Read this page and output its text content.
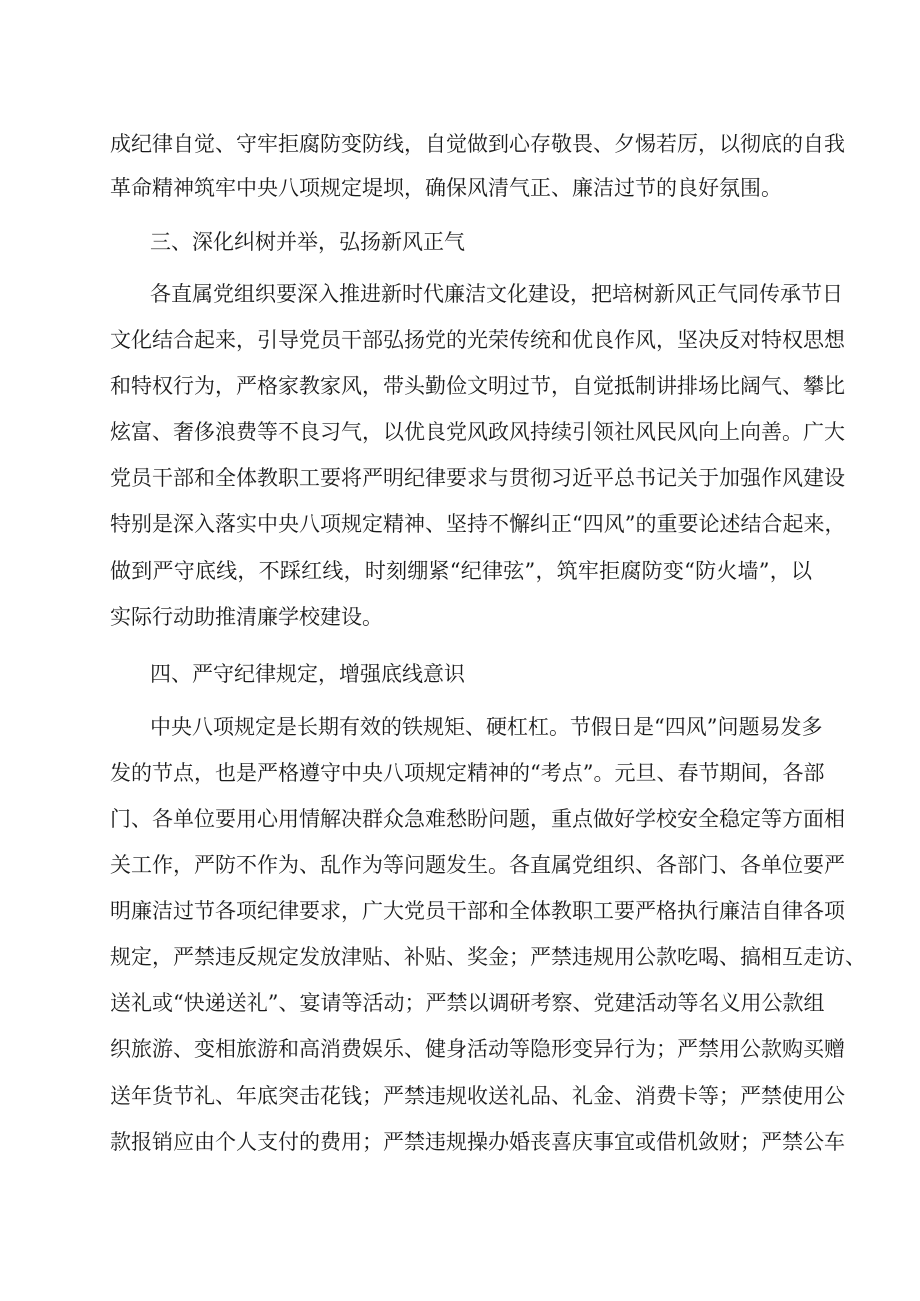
成纪律自觉、守牢拒腐防变防线，自觉做到心存敬畏、夕惕若厉，以彻底的自我
革命精神筑牢中央八项规定堤坝，确保风清气正、廉洁过节的良好氛围。
三、深化纠树并举，弘扬新风正气
各直属党组织要深入推进新时代廉洁文化建设，把培树新风正气同传承节日
文化结合起来，引导党员干部弘扬党的光荣传统和优良作风，坚决反对特权思想
和特权行为，严格家教家风，带头勤俭文明过节，自觉抵制讲排场比阔气、攀比
炫富、奢侈浪费等不良习气，以优良党风政风持续引领社风民风向上向善。广大
党员干部和全体教职工要将严明纪律要求与贯彻习近平总书记关于加强作风建设
特别是深入落实中央八项规定精神、坚持不懈纠正“四风”的重要论述结合起来，
做到严守底线，不踩红线，时刻绷紧“纪律弦”，筑牢拒腐防变“防火墙”，以
实际行动助推清廉学校建设。
四、严守纪律规定，增强底线意识
中央八项规定是长期有效的铁规矩、硬杠杠。节假日是“四风”问题易发多
发的节点，也是严格遵守中央八项规定精神的“考点”。元旦、春节期间，各部
门、各单位要用心用情解决群众急难愁盼问题，重点做好学校安全稳定等方面相
关工作，严防不作为、乱作为等问题发生。各直属党组织、各部门、各单位要严
明廉洁过节各项纪律要求，广大党员干部和全体教职工要严格执行廉洁自律各项
规定，严禁违反规定发放津贴、补贴、奖金；严禁违规用公款吃喝、搞相互走访、
送礼或“快递送礼”、宴请等活动；严禁以调研考察、党建活动等名义用公款组
织旅游、变相旅游和高消费娱乐、健身活动等隐形变异行为；严禁用公款购买赠
送年货节礼、年底突击花钱；严禁违规收送礼品、礼金、消费卡等；严禁使用公
款报销应由个人支付的费用；严禁违规操办婚丧喜庆事宜或借机敛财；严禁公车
